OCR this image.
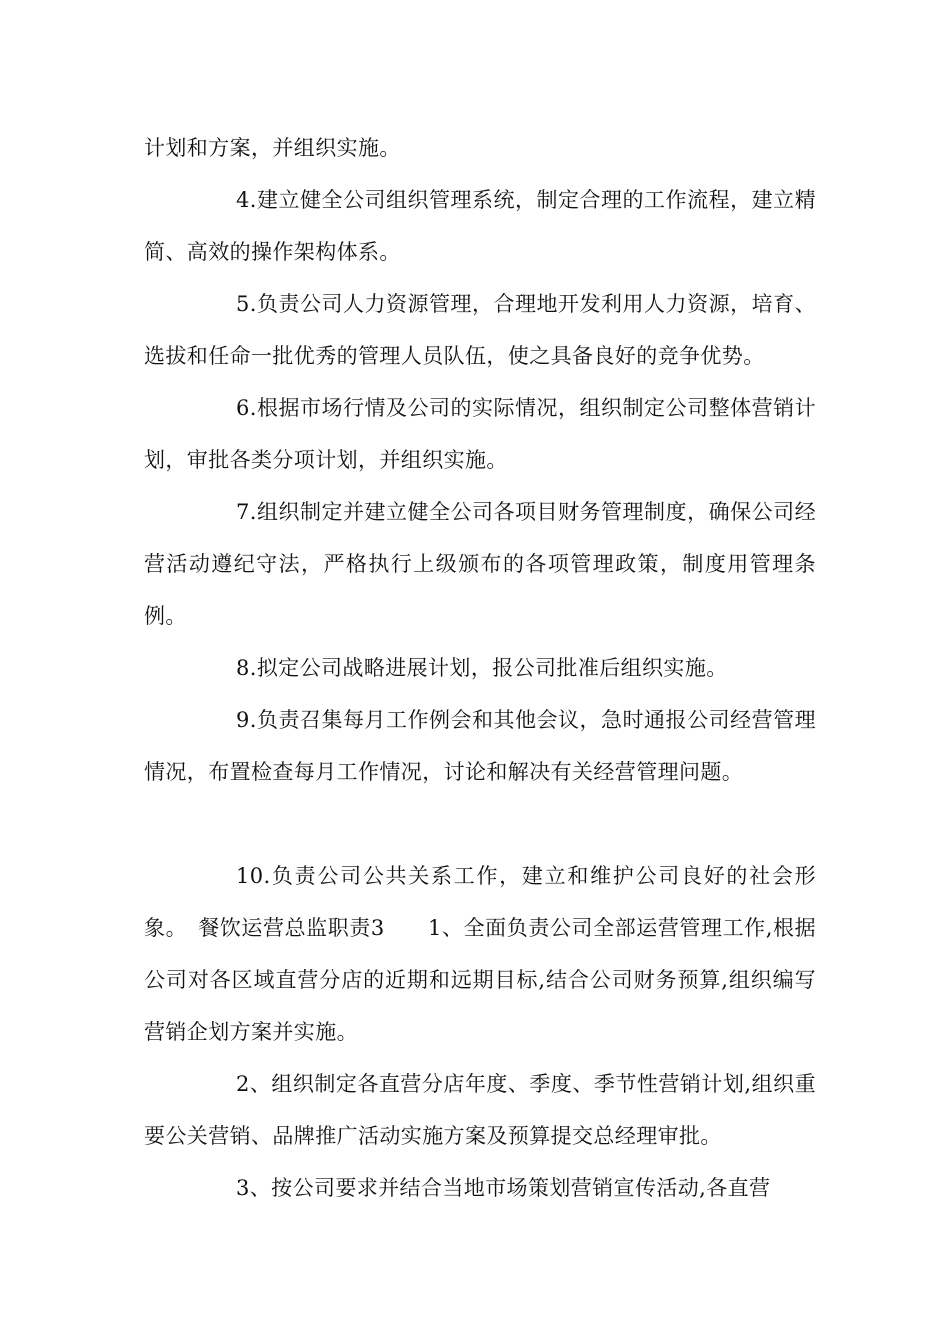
计划和方案，并组织实施。

4.建立健全公司组织管理系统，制定合理的工作流程，建立精简、高效的操作架构体系。

5.负责公司人力资源管理，合理地开发利用人力资源，培育、选拔和任命一批优秀的管理人员队伍，使之具备良好的竞争优势。

6.根据市场行情及公司的实际情况，组织制定公司整体营销计划，审批各类分项计划，并组织实施。

7.组织制定并建立健全公司各项目财务管理制度，确保公司经营活动遵纪守法，严格执行上级颁布的各项管理政策，制度用管理条例。

8.拟定公司战略进展计划，报公司批准后组织实施。

9.负责召集每月工作例会和其他会议，急时通报公司经营管理情况，布置检查每月工作情况，讨论和解决有关经营管理问题。

10.负责公司公共关系工作，建立和维护公司良好的社会形象。　餐饮运营总监职责3　　1、全面负责公司全部运营管理工作,根据公司对各区域直营分店的近期和远期目标,结合公司财务预算,组织编写营销企划方案并实施。

2、组织制定各直营分店年度、季度、季节性营销计划,组织重要公关营销、品牌推广活动实施方案及预算提交总经理审批。

3、按公司要求并结合当地市场策划营销宣传活动,各直营
